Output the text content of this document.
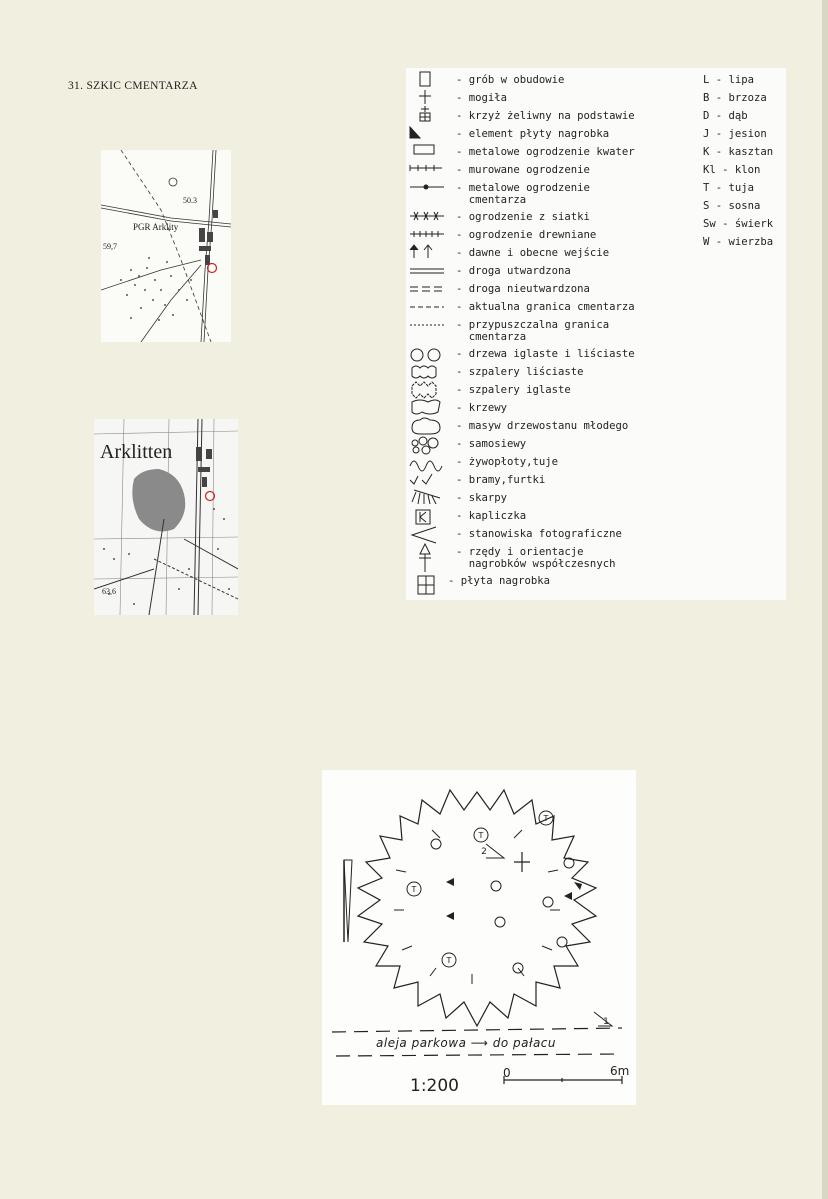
31. SZKIC CMENTARZA
50.3
59,7
PGR Arklity
Arklitten
63,6
- grób w obudowie
- mogiła
- krzyż żeliwny na podstawie
- element płyty nagrobka
- metalowe ogrodzenie kwater
- murowane ogrodzenie
- metalowe ogrodzenie
cmentarza
- ogrodzenie z siatki
- ogrodzenie drewniane
- dawne i obecne wejście
- droga utwardzona
- droga nieutwardzona
- aktualna granica cmentarza
- przypuszczalna granica
cmentarza
- drzewa iglaste i liściaste
- szpalery liściaste
- szpalery iglaste
- krzewy
- masyw drzewostanu młodego
- samosiewy
- żywopłoty,tuje
- bramy,furtki
- skarpy
- kapliczka
- stanowiska fotograficzne
- rzędy i orientacje
nagrobków współczesnych
- płyta nagrobka
L - lipa
B - brzoza
D - dąb
J - jesion
K - kasztan
Kl - klon
T - tuja
S - sosna
Sw - świerk
W - wierzba
T
T
T
T
2
1
aleja parkowa ⟶ do pałacu
1:200
0	6m
